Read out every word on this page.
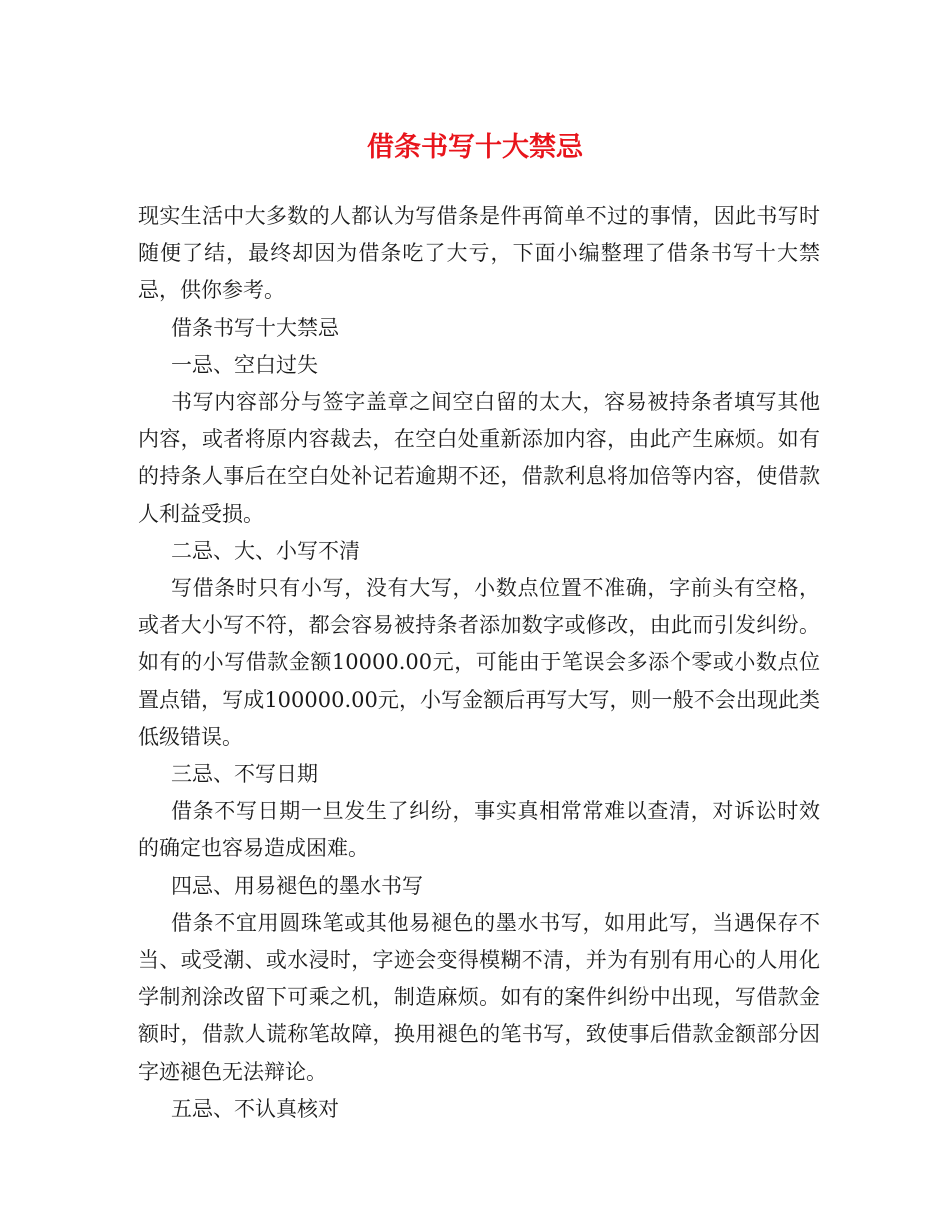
借条书写十大禁忌

现实生活中大多数的人都认为写借条是件再简单不过的事情，因此书写时随便了结，最终却因为借条吃了大亏，下面小编整理了借条书写十大禁忌，供你参考。

借条书写十大禁忌

一忌、空白过失

书写内容部分与签字盖章之间空白留的太大，容易被持条者填写其他内容，或者将原内容裁去，在空白处重新添加内容，由此产生麻烦。如有的持条人事后在空白处补记若逾期不还，借款利息将加倍等内容，使借款人利益受损。

二忌、大、小写不清

写借条时只有小写，没有大写，小数点位置不准确，字前头有空格，或者大小写不符，都会容易被持条者添加数字或修改，由此而引发纠纷。如有的小写借款金额10000.00元，可能由于笔误会多添个零或小数点位置点错，写成100000.00元，小写金额后再写大写，则一般不会出现此类低级错误。

三忌、不写日期

借条不写日期一旦发生了纠纷，事实真相常常难以查清，对诉讼时效的确定也容易造成困难。

四忌、用易褪色的墨水书写

借条不宜用圆珠笔或其他易褪色的墨水书写，如用此写，当遇保存不当、或受潮、或水浸时，字迹会变得模糊不清，并为有别有用心的人用化学制剂涂改留下可乘之机，制造麻烦。如有的案件纠纷中出现，写借款金额时，借款人谎称笔故障，换用褪色的笔书写，致使事后借款金额部分因字迹褪色无法辩论。

五忌、不认真核对
